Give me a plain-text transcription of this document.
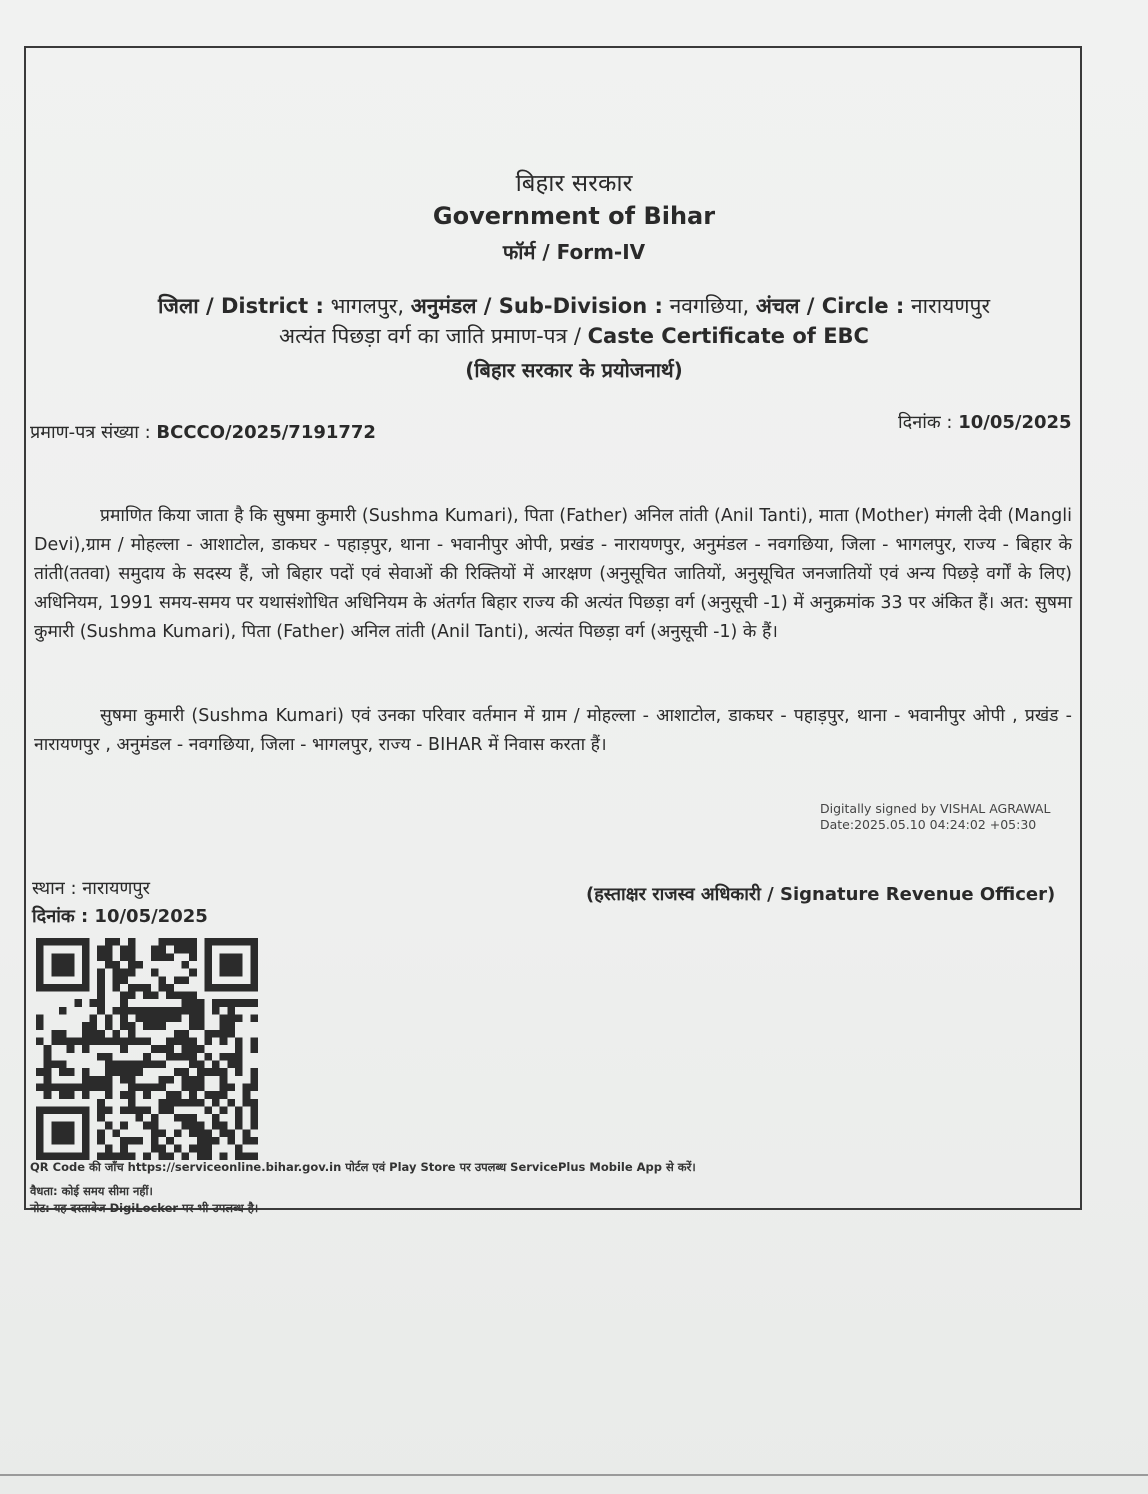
बिहार सरकार
Government of Bihar
फॉर्म / Form-IV
जिला / District : भागलपुर, अनुमंडल / Sub-Division : नवगछिया, अंचल / Circle : नारायणपुर
अत्यंत पिछड़ा वर्ग का जाति प्रमाण-पत्र / Caste Certificate of EBC
(बिहार सरकार के प्रयोजनार्थ)
प्रमाण-पत्र संख्या : BCCCO/2025/7191772	दिनांक : 10/05/2025

प्रमाणित किया जाता है कि सुषमा कुमारी (Sushma Kumari), पिता (Father) अनिल तांती (Anil Tanti), माता (Mother) मंगली देवी (Mangli Devi),ग्राम / मोहल्ला - आशाटोल, डाकघर - पहाड़पुर, थाना - भवानीपुर ओपी, प्रखंड - नारायणपुर, अनुमंडल - नवगछिया, जिला - भागलपुर, राज्य - बिहार के तांती(ततवा) समुदाय के सदस्य हैं, जो बिहार पदों एवं सेवाओं की रिक्तियों में आरक्षण (अनुसूचित जातियों, अनुसूचित जनजातियों एवं अन्य पिछड़े वर्गों के लिए) अधिनियम, 1991 समय-समय पर यथासंशोधित अधिनियम के अंतर्गत बिहार राज्य की अत्यंत पिछड़ा वर्ग (अनुसूची -1) में अनुक्रमांक 33 पर अंकित हैं। अत: सुषमा कुमारी (Sushma Kumari), पिता (Father) अनिल तांती (Anil Tanti), अत्यंत पिछड़ा वर्ग (अनुसूची -1) के हैं।

सुषमा कुमारी (Sushma Kumari) एवं उनका परिवार वर्तमान में ग्राम / मोहल्ला - आशाटोल, डाकघर - पहाड़पुर, थाना - भवानीपुर ओपी , प्रखंड - नारायणपुर , अनुमंडल - नवगछिया, जिला - भागलपुर, राज्य - BIHAR में निवास करता हैं।

Digitally signed by VISHAL AGRAWAL
Date:2025.05.10 04:24:02 +05:30
स्थान : नारायणपुर
दिनांक : 10/05/2025
(हस्ताक्षर राजस्व अधिकारी / Signature Revenue Officer)
QR Code की जाँच https://serviceonline.bihar.gov.in पोर्टल एवं Play Store पर उपलब्ध ServicePlus Mobile App से करें।
वैधता: कोई समय सीमा नहीं।
नोट: यह दस्तावेज DigiLocker पर भी उपलब्ध है।
